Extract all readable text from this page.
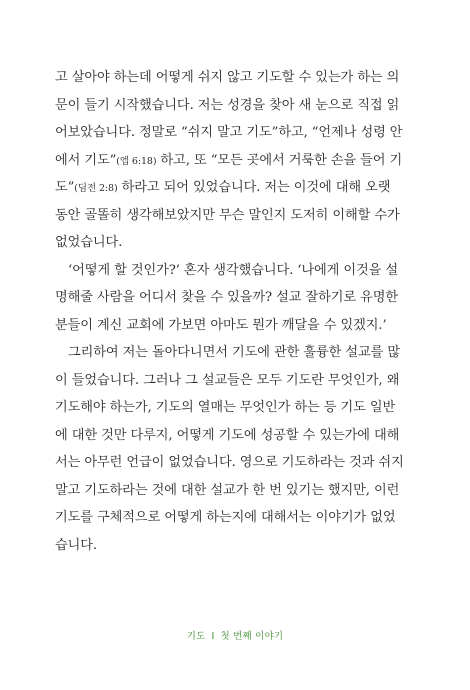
고 살아야 하는데 어떻게 쉬지 않고 기도할 수 있는가 하는 의
문이 들기 시작했습니다. 저는 성경을 찾아 새 눈으로 직접 읽
어보았습니다. 정말로 “쉬지 말고 기도”하고, “언제나 성령 안
에서 기도”(엡 6:18) 하고, 또 “모든 곳에서 거룩한 손을 들어 기
도”(딤전 2:8) 하라고 되어 있었습니다. 저는 이것에 대해 오랫
동안 골똘히 생각해보았지만 무슨 말인지 도저히 이해할 수가
없었습니다.
‘어떻게 할 것인가?’ 혼자 생각했습니다. ‘나에게 이것을 설
명해줄 사람을 어디서 찾을 수 있을까? 설교 잘하기로 유명한
분들이 계신 교회에 가보면 아마도 뭔가 깨달을 수 있겠지.’
그리하여 저는 돌아다니면서 기도에 관한 훌륭한 설교를 많
이 들었습니다. 그러나 그 설교들은 모두 기도란 무엇인가, 왜
기도해야 하는가, 기도의 열매는 무엇인가 하는 등 기도 일반
에 대한 것만 다루지, 어떻게 기도에 성공할 수 있는가에 대해
서는 아무런 언급이 없었습니다. 영으로 기도하라는 것과 쉬지
말고 기도하라는 것에 대한 설교가 한 번 있기는 했지만, 이런
기도를 구체적으로 어떻게 하는지에 대해서는 이야기가 없었
습니다.
기도 I 첫 번째 이야기
